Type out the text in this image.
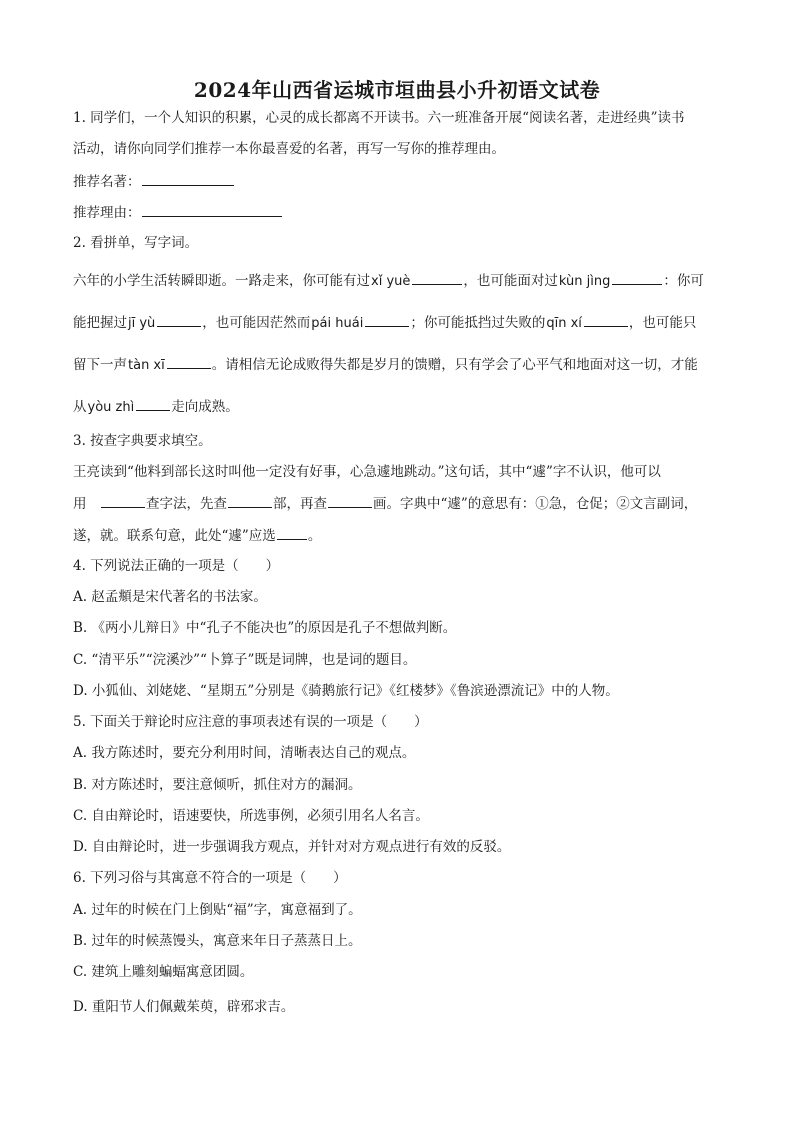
2024年山西省运城市垣曲县小升初语文试卷
1. 同学们，一个人知识的积累，心灵的成长都离不开读书。六一班准备开展“阅读名著，走进经典”读书
活动，请你向同学们推荐一本你最喜爱的名著，再写一写你的推荐理由。
推荐名著：
推荐理由：
2. 看拼单，写字词。
六年的小学生活转瞬即逝。一路走来，你可能有过xǐ yuè	，也可能面对过kùn jìng	：你可
能把握过jī yù	，也可能因茫然而pái huái	；你可能抵挡过失败的qīn xí	，也可能只
留下一声tàn xī	。请相信无论成败得失都是岁月的馈赠，只有学会了心平气和地面对这一切，才能
从yòu zhì	走向成熟。
3. 按查字典要求填空。
王亮读到“他料到部长这时叫他一定没有好事，心急遽地跳动。”这句话，其中“遽”字不认识，他可以
用　	查字法，先查	部，再查	画。字典中“遽”的意思有：①急，仓促；②文言副词，
遂，就。联系句意，此处“遽”应选 。
4. 下列说法正确的一项是（　　）
A. 赵孟頫是宋代著名的书法家。
B. 《两小儿辩日》中“孔子不能决也”的原因是孔子不想做判断。
C. “清平乐”“浣溪沙”“卜算子”既是词牌，也是词的题目。
D. 小狐仙、刘姥姥、“星期五”分别是《骑鹅旅行记》《红楼梦》《鲁滨逊漂流记》中的人物。
5. 下面关于辩论时应注意的事项表述有误的一项是（　　）
A. 我方陈述时，要充分利用时间，清晰表达自己的观点。
B. 对方陈述时，要注意倾听，抓住对方的漏洞。
C. 自由辩论时，语速要快，所选事例，必须引用名人名言。
D. 自由辩论时，进一步强调我方观点，并针对对方观点进行有效的反驳。
6. 下列习俗与其寓意不符合的一项是（　　）
A. 过年的时候在门上倒贴“福”字，寓意福到了。
B. 过年的时候蒸馒头，寓意来年日子蒸蒸日上。
C. 建筑上雕刻蝙蝠寓意团圆。
D. 重阳节人们佩戴茱萸，辟邪求吉。
